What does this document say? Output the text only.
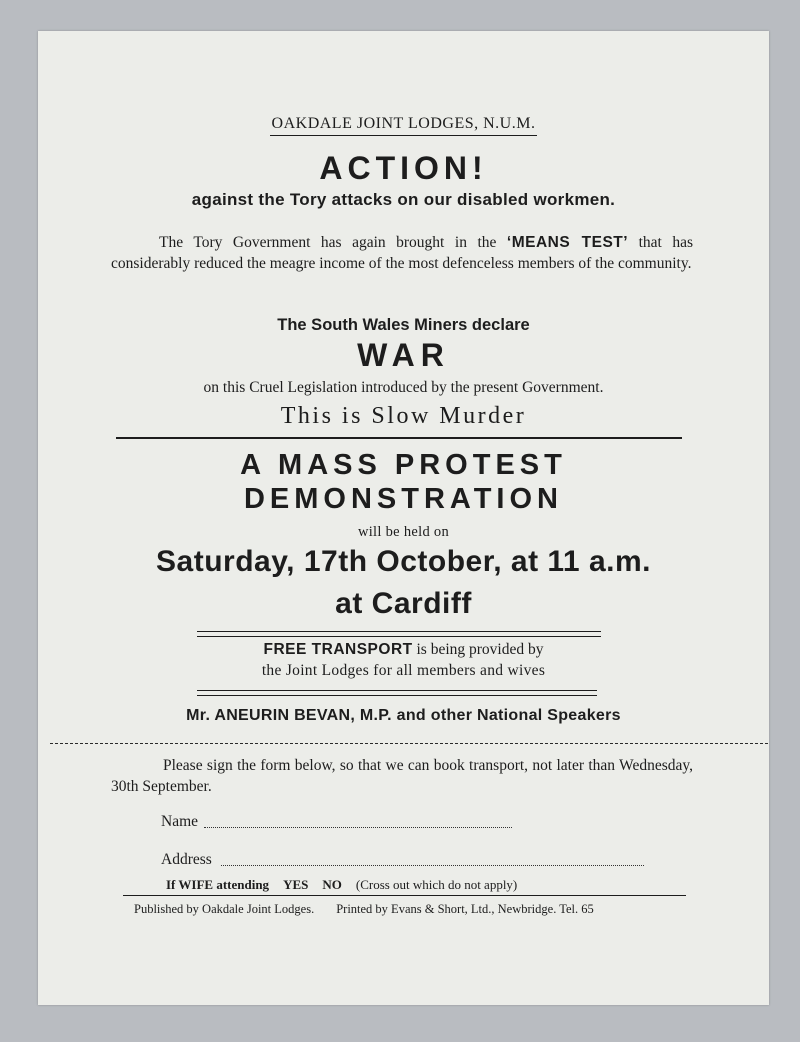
OAKDALE JOINT LODGES, N.U.M.
ACTION!
against the Tory attacks on our disabled workmen.
The Tory Government has again brought in the ‘MEANS TEST’ that has considerably reduced the meagre income of the most defenceless members of the community.
The South Wales Miners declare
WAR
on this Cruel Legislation introduced by the present Government.
This is Slow Murder
A MASS PROTEST
DEMONSTRATION
will be held on
Saturday, 17th October, at 11 a.m.
at Cardiff
FREE TRANSPORT is being provided by
the Joint Lodges for all members and wives
Mr. ANEURIN BEVAN, M.P. and other National Speakers
Please sign the form below, so that we can book transport, not later than Wednesday, 30th September.
Name
Address
If WIFE attending YES NO (Cross out which do not apply)
Published by Oakdale Joint Lodges. Printed by Evans & Short, Ltd., Newbridge. Tel. 65
